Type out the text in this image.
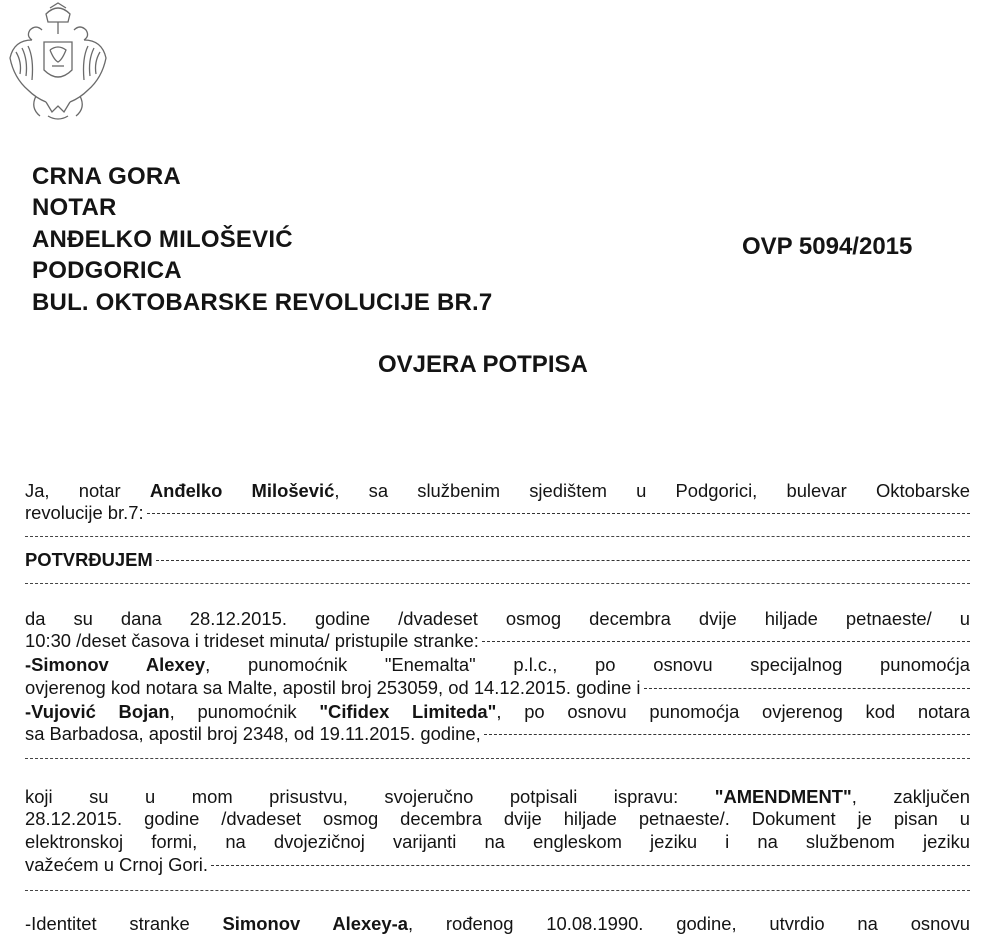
CRNA GORA
NOTAR
ANĐELKO MILOŠEVIĆ
PODGORICA
BUL. OKTOBARSKE REVOLUCIJE BR.7
OVP 5094/2015
OVJERA POTPISA
Ja, notar Anđelko Milošević, sa službenim sjedištem u Podgorici, bulevar Oktobarske
revolucije br.7:
POTVRĐUJEM
da su dana 28.12.2015. godine /dvadeset osmog decembra dvije hiljade petnaeste/ u
10:30 /deset časova i trideset minuta/ pristupile stranke:
-Simonov Alexey, punomoćnik "Enemalta" p.l.c., po osnovu specijalnog punomoćja
ovjerenog kod notara sa Malte, apostil broj 253059, od 14.12.2015. godine i
-Vujović Bojan, punomoćnik "Cifidex Limiteda", po osnovu punomoćja ovjerenog kod notara
sa Barbadosa, apostil broj 2348, od 19.11.2015. godine,
koji su u mom prisustvu, svojeručno potpisali ispravu: "AMENDMENT", zaključen
28.12.2015. godine /dvadeset osmog decembra dvije hiljade petnaeste/. Dokument je pisan u
elektronskoj formi, na dvojezičnoj varijanti na engleskom jeziku i na službenom jeziku
važećem u Crnoj Gori.
-Identitet stranke Simonov Alexey-a, rođenog 10.08.1990. godine, utvrdio na osnovu
